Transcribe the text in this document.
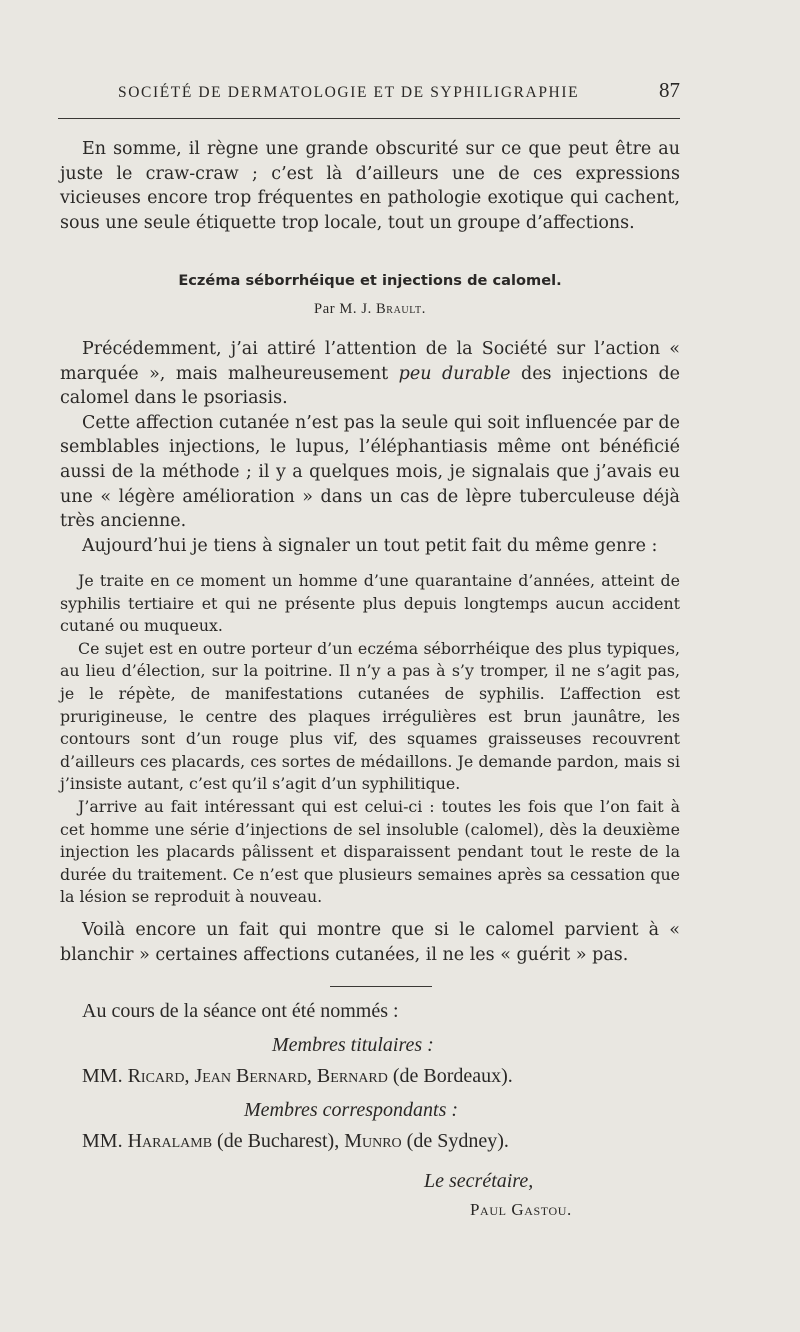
SOCIÉTÉ DE DERMATOLOGIE ET DE SYPHILIGRAPHIE	87

En somme, il règne une grande obscurité sur ce que peut être au juste le craw-craw ; c’est là d’ailleurs une de ces expressions vicieuses encore trop fréquentes en pathologie exotique qui cachent, sous une seule étiquette trop locale, tout un groupe d’affections.

Eczéma séborrhéique et injections de calomel.
Par M. J. Brault.

Précédemment, j’ai attiré l’attention de la Société sur l’action « marquée », mais malheureusement peu durable des injections de calomel dans le psoriasis.

Cette affection cutanée n’est pas la seule qui soit influencée par de semblables injections, le lupus, l’éléphantiasis même ont bénéficié aussi de la méthode ; il y a quelques mois, je signalais que j’avais eu une « légère amélioration » dans un cas de lèpre tuberculeuse déjà très ancienne.

Aujourd’hui je tiens à signaler un tout petit fait du même genre :

Je traite en ce moment un homme d’une quarantaine d’années, atteint de syphilis tertiaire et qui ne présente plus depuis longtemps aucun accident cutané ou muqueux.

Ce sujet est en outre porteur d’un eczéma séborrhéique des plus typiques, au lieu d’élection, sur la poitrine. Il n’y a pas à s’y tromper, il ne s’agit pas, je le répète, de manifestations cutanées de syphilis. L’affection est prurigineuse, le centre des plaques irrégulières est brun jaunâtre, les contours sont d’un rouge plus vif, des squames graisseuses recouvrent d’ailleurs ces placards, ces sortes de médaillons. Je demande pardon, mais si j’insiste autant, c’est qu’il s’agit d’un syphilitique.

J’arrive au fait intéressant qui est celui-ci : toutes les fois que l’on fait à cet homme une série d’injections de sel insoluble (calomel), dès la deuxième injection les placards pâlissent et disparaissent pendant tout le reste de la durée du traitement. Ce n’est que plusieurs semaines après sa cessation que la lésion se reproduit à nouveau.

Voilà encore un fait qui montre que si le calomel parvient à « blanchir » certaines affections cutanées, il ne les « guérit » pas.

Au cours de la séance ont été nommés :
Membres titulaires :
MM. Ricard, Jean Bernard, Bernard (de Bordeaux).
Membres correspondants :
MM. Haralamb (de Bucharest), Munro (de Sydney).
Le secrétaire,
Paul Gastou.
